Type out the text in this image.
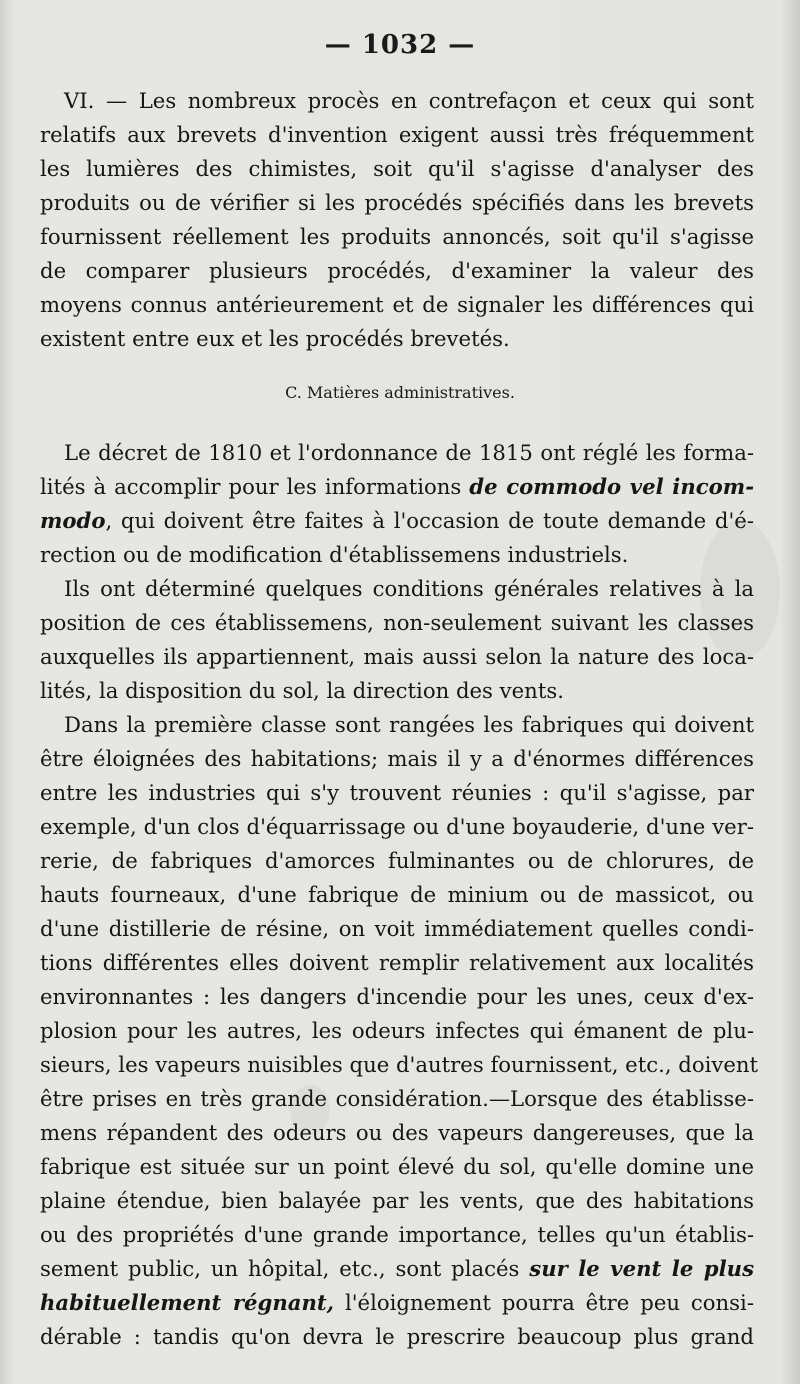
— 1032 —

VI. — Les nombreux procès en contrefaçon et ceux qui sont
relatifs aux brevets d'invention exigent aussi très fréquemment
les lumières des chimistes, soit qu'il s'agisse d'analyser des
produits ou de vérifier si les procédés spécifiés dans les brevets
fournissent réellement les produits annoncés, soit qu'il s'agisse
de comparer plusieurs procédés, d'examiner la valeur des
moyens connus antérieurement et de signaler les différences qui
existent entre eux et les procédés brevetés.

C. Matières administratives.

Le décret de 1810 et l'ordonnance de 1815 ont réglé les forma-
lités à accomplir pour les informations de commodo vel incom-
modo, qui doivent être faites à l'occasion de toute demande d'é-
rection ou de modification d'établissemens industriels.

Ils ont déterminé quelques conditions générales relatives à la
position de ces établissemens, non-seulement suivant les classes
auxquelles ils appartiennent, mais aussi selon la nature des loca-
lités, la disposition du sol, la direction des vents.

Dans la première classe sont rangées les fabriques qui doivent
être éloignées des habitations; mais il y a d'énormes différences
entre les industries qui s'y trouvent réunies : qu'il s'agisse, par
exemple, d'un clos d'équarrissage ou d'une boyauderie, d'une ver-
rerie, de fabriques d'amorces fulminantes ou de chlorures, de
hauts fourneaux, d'une fabrique de minium ou de massicot, ou
d'une distillerie de résine, on voit immédiatement quelles condi-
tions différentes elles doivent remplir relativement aux localités
environnantes : les dangers d'incendie pour les unes, ceux d'ex-
plosion pour les autres, les odeurs infectes qui émanent de plu-
sieurs, les vapeurs nuisibles que d'autres fournissent, etc., doivent
être prises en très grande considération.—Lorsque des établisse-
mens répandent des odeurs ou des vapeurs dangereuses, que la
fabrique est située sur un point élevé du sol, qu'elle domine une
plaine étendue, bien balayée par les vents, que des habitations
ou des propriétés d'une grande importance, telles qu'un établis-
sement public, un hôpital, etc., sont placés sur le vent le plus
habituellement régnant, l'éloignement pourra être peu consi-
dérable : tandis qu'on devra le prescrire beaucoup plus grand
